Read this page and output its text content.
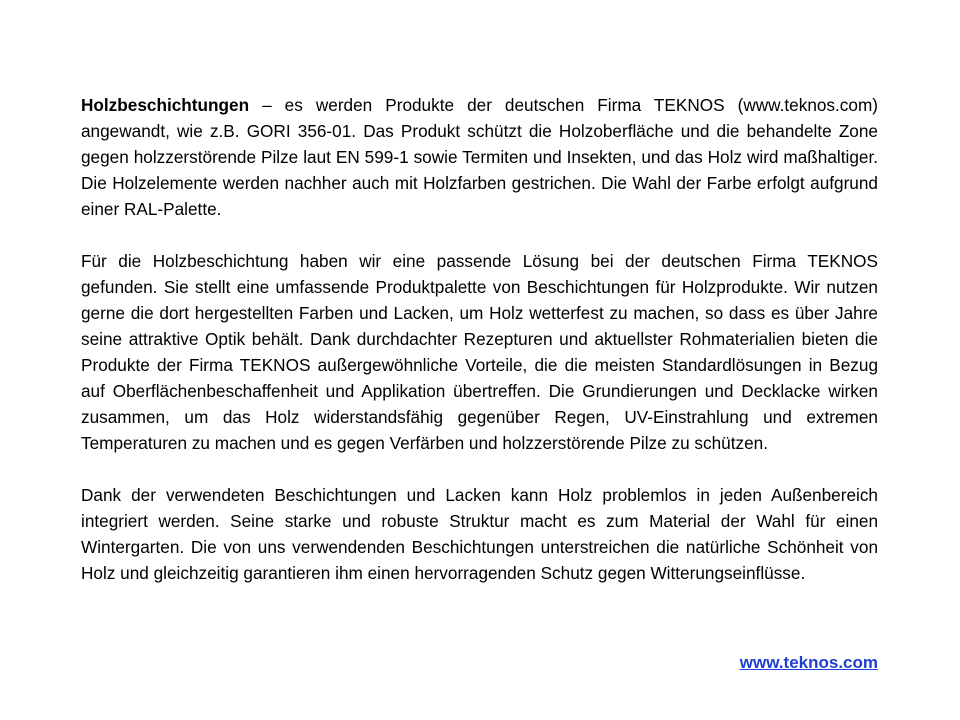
Holzbeschichtungen – es werden Produkte der deutschen Firma TEKNOS (www.teknos.com) angewandt, wie z.B. GORI 356-01. Das Produkt schützt die Holzoberfläche und die behandelte Zone gegen holzzerstörende Pilze laut EN 599-1 sowie Termiten und Insekten, und das Holz wird maßhaltiger. Die Holzelemente werden nachher auch mit Holzfarben gestrichen. Die Wahl der Farbe erfolgt aufgrund einer RAL-Palette.

Für die Holzbeschichtung haben wir eine passende Lösung bei der deutschen Firma TEKNOS gefunden. Sie stellt eine umfassende Produktpalette von Beschichtungen für Holzprodukte. Wir nutzen gerne die dort hergestellten Farben und Lacken, um Holz wetterfest zu machen, so dass es über Jahre seine attraktive Optik behält. Dank durchdachter Rezepturen und aktuellster Rohmaterialien bieten die Produkte der Firma TEKNOS außergewöhnliche Vorteile, die die meisten Standardlösungen in Bezug auf Oberflächenbeschaffenheit und Applikation übertreffen. Die Grundierungen und Decklacke wirken zusammen, um das Holz widerstandsfähig gegenüber Regen, UV-Einstrahlung und extremen Temperaturen zu machen und es gegen Verfärben und holzzerstörende Pilze zu schützen.

Dank der verwendeten Beschichtungen und Lacken kann Holz problemlos in jeden Außenbereich integriert werden. Seine starke und robuste Struktur macht es zum Material der Wahl für einen Wintergarten. Die von uns verwendenden Beschichtungen unterstreichen die natürliche Schönheit von Holz und gleichzeitig garantieren ihm einen hervorragenden Schutz gegen Witterungseinflüsse.

www.teknos.com
